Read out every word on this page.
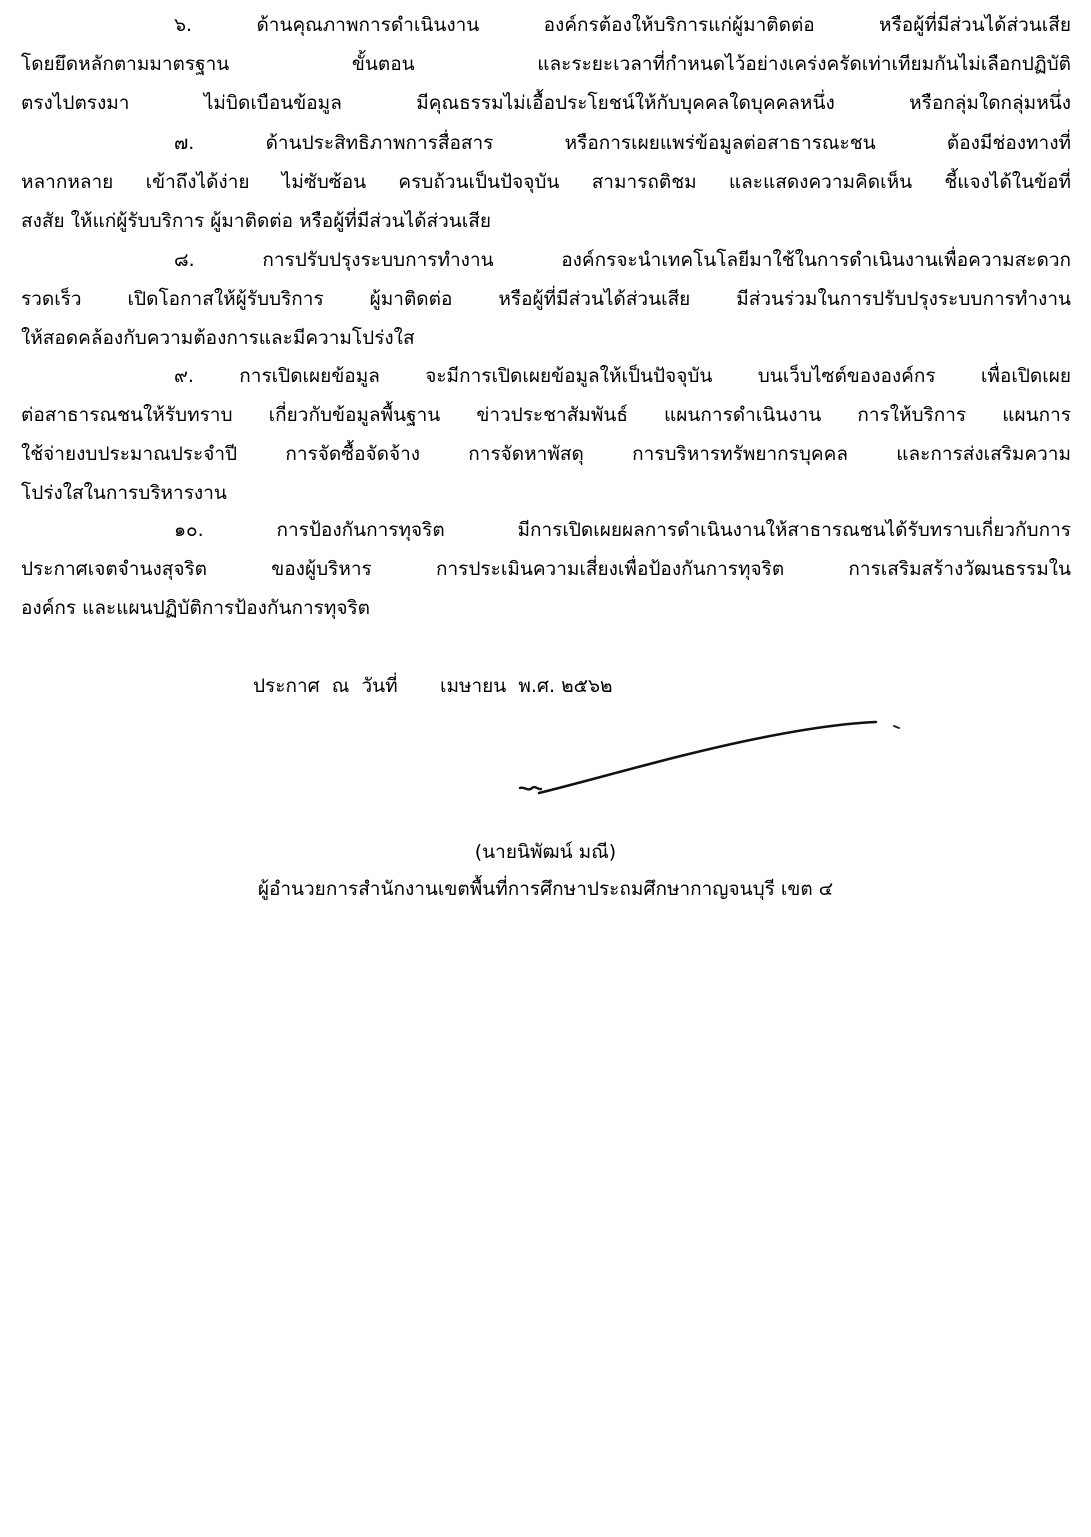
๖. ด้านคุณภาพการดำเนินงาน องค์กรต้องให้บริการแก่ผู้มาติดต่อ หรือผู้ที่มีส่วนได้ส่วนเสีย
โดยยึดหลักตามมาตรฐาน ขั้นตอน และระยะเวลาที่กำหนดไว้อย่างเคร่งครัดเท่าเทียมกันไม่เลือกปฏิบัติ
ตรงไปตรงมา ไม่บิดเบือนข้อมูล มีคุณธรรมไม่เอื้อประโยชน์ให้กับบุคคลใดบุคคลหนึ่ง หรือกลุ่มใดกลุ่มหนึ่ง
๗. ด้านประสิทธิภาพการสื่อสาร หรือการเผยแพร่ข้อมูลต่อสาธารณะชน ต้องมีช่องทางที่
หลากหลาย เข้าถึงได้ง่าย ไม่ซับซ้อน ครบถ้วนเป็นปัจจุบัน สามารถติชม และแสดงความคิดเห็น ชี้แจงได้ในข้อที่
สงสัย ให้แก่ผู้รับบริการ ผู้มาติดต่อ หรือผู้ที่มีส่วนได้ส่วนเสีย
๘. การปรับปรุงระบบการทำงาน องค์กรจะนำเทคโนโลยีมาใช้ในการดำเนินงานเพื่อความสะดวก
รวดเร็ว เปิดโอกาสให้ผู้รับบริการ ผู้มาติดต่อ หรือผู้ที่มีส่วนได้ส่วนเสีย มีส่วนร่วมในการปรับปรุงระบบการทำงาน
ให้สอดคล้องกับความต้องการและมีความโปร่งใส
๙. การเปิดเผยข้อมูล จะมีการเปิดเผยข้อมูลให้เป็นปัจจุบัน บนเว็บไซต์ขององค์กร เพื่อเปิดเผย
ต่อสาธารณชนให้รับทราบ เกี่ยวกับข้อมูลพื้นฐาน ข่าวประชาสัมพันธ์ แผนการดำเนินงาน การให้บริการ แผนการ
ใช้จ่ายงบประมาณประจำปี การจัดซื้อจัดจ้าง การจัดหาพัสดุ การบริหารทรัพยากรบุคคล และการส่งเสริมความ
โปร่งใสในการบริหารงาน
๑๐. การป้องกันการทุจริต มีการเปิดเผยผลการดำเนินงานให้สาธารณชนได้รับทราบเกี่ยวกับการ
ประกาศเจตจำนงสุจริต ของผู้บริหาร การประเมินความเสี่ยงเพื่อป้องกันการทุจริต การเสริมสร้างวัฒนธรรมใน
องค์กร และแผนปฏิบัติการป้องกันการทุจริต
ประกาศ  ณ  วันที่       เมษายน  พ.ศ. ๒๕๖๒
(นายนิพัฒน์ มณี)
ผู้อำนวยการสำนักงานเขตพื้นที่การศึกษาประถมศึกษากาญจนบุรี เขต ๔
